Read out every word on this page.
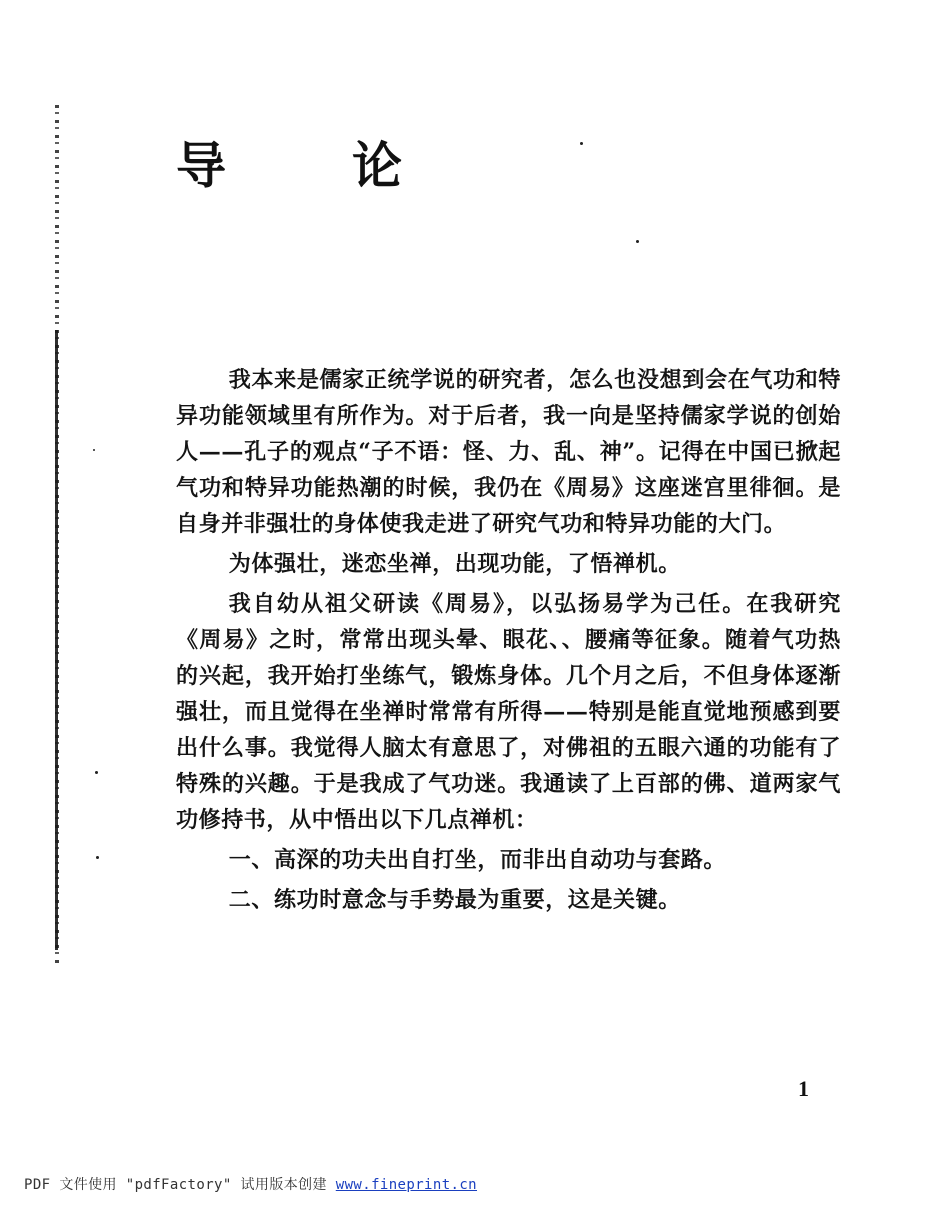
导论

我本来是儒家正统学说的研究者，怎么也没想到会在气功和特异功能领域里有所作为。对于后者，我一向是坚持儒家学说的创始人——孔子的观点“子不语：怪、力、乱、神”。记得在中国已掀起气功和特异功能热潮的时候，我仍在《周易》这座迷宫里徘徊。是自身并非强壮的身体使我走进了研究气功和特异功能的大门。

为体强壮，迷恋坐禅，出现功能，了悟禅机。

我自幼从祖父研读《周易》，以弘扬易学为己任。在我研究《周易》之时，常常出现头晕、眼花、、腰痛等征象。随着气功热的兴起，我开始打坐练气，锻炼身体。几个月之后，不但身体逐渐强壮，而且觉得在坐禅时常常有所得——特别是能直觉地预感到要出什么事。我觉得人脑太有意思了，对佛祖的五眼六通的功能有了特殊的兴趣。于是我成了气功迷。我通读了上百部的佛、道两家气功修持书，从中悟出以下几点禅机：

一、高深的功夫出自打坐，而非出自动功与套路。

二、练功时意念与手势最为重要，这是关键。

1
PDF 文件使用 "pdfFactory" 试用版本创建 www.fineprint.cn
